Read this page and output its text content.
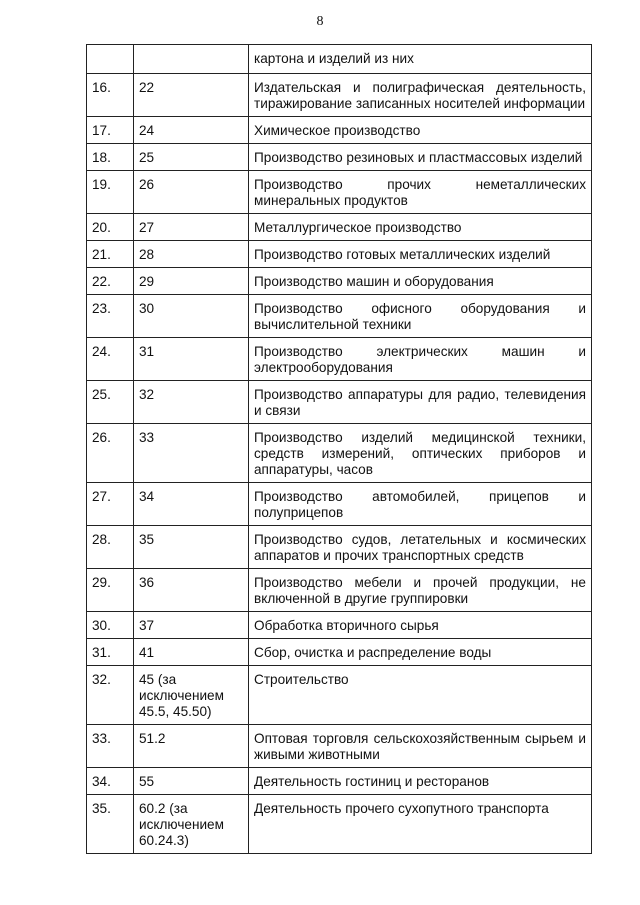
8
		картона и изделий из них
16.	22	Издательская и полиграфическая деятельность, тиражирование записанных носителей информации
17.	24	Химическое производство
18.	25	Производство резиновых и пластмассовых изделий
19.	26	Производство прочих неметаллических минеральных продуктов
20.	27	Металлургическое производство
21.	28	Производство готовых металлических изделий
22.	29	Производство машин и оборудования
23.	30	Производство офисного оборудования и вычислительной техники
24.	31	Производство электрических машин и электрооборудования
25.	32	Производство аппаратуры для радио, телевидения и связи
26.	33	Производство изделий медицинской техники, средств измерений, оптических приборов и аппаратуры, часов
27.	34	Производство автомобилей, прицепов и полуприцепов
28.	35	Производство судов, летательных и космических аппаратов и прочих транспортных средств
29.	36	Производство мебели и прочей продукции, не включенной в другие группировки
30.	37	Обработка вторичного сырья
31.	41	Сбор, очистка и распределение воды
32.	45 (за исключением 45.5, 45.50)	Строительство
33.	51.2	Оптовая торговля сельскохозяйственным сырьем и живыми животными
34.	55	Деятельность гостиниц и ресторанов
35.	60.2 (за исключением 60.24.3)	Деятельность прочего сухопутного транспорта
